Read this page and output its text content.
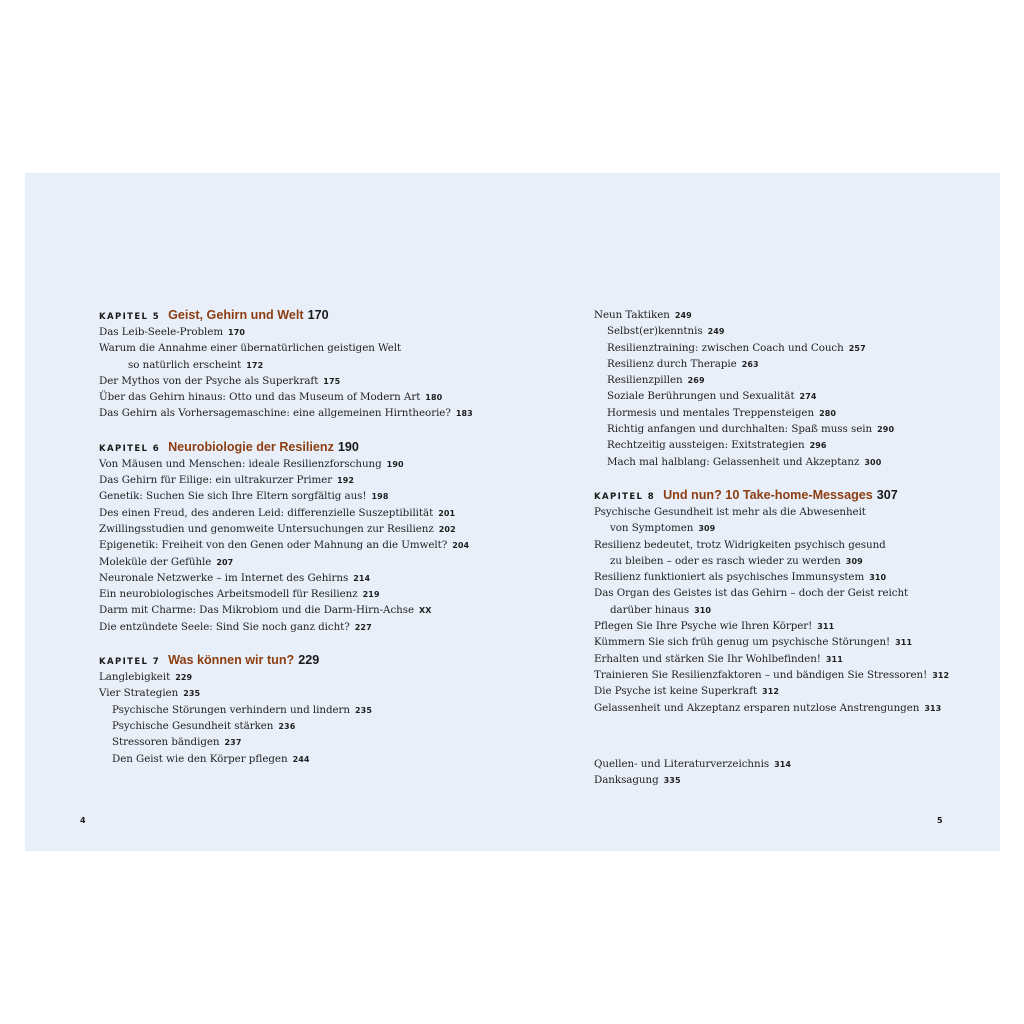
KAPITEL 5 Geist, Gehirn und Welt 170
Das Leib-Seele-Problem 170
Warum die Annahme einer übernatürlichen geistigen Welt
so natürlich erscheint 172
Der Mythos von der Psyche als Superkraft 175
Über das Gehirn hinaus: Otto und das Museum of Modern Art 180
Das Gehirn als Vorhersagemaschine: eine allgemeinen Hirntheorie? 183
KAPITEL 6 Neurobiologie der Resilienz 190
Von Mäusen und Menschen: ideale Resilienzforschung 190
Das Gehirn für Eilige: ein ultrakurzer Primer 192
Genetik: Suchen Sie sich Ihre Eltern sorgfältig aus! 198
Des einen Freud, des anderen Leid: differenzielle Suszeptibilität 201
Zwillingsstudien und genomweite Untersuchungen zur Resilienz 202
Epigenetik: Freiheit von den Genen oder Mahnung an die Umwelt? 204
Moleküle der Gefühle 207
Neuronale Netzwerke – im Internet des Gehirns 214
Ein neurobiologisches Arbeitsmodell für Resilienz 219
Darm mit Charme: Das Mikrobiom und die Darm-Hirn-Achse XX
Die entzündete Seele: Sind Sie noch ganz dicht? 227
KAPITEL 7 Was können wir tun? 229
Langlebigkeit 229
Vier Strategien 235
Psychische Störungen verhindern und lindern 235
Psychische Gesundheit stärken 236
Stressoren bändigen 237
Den Geist wie den Körper pflegen 244
Neun Taktiken 249
Selbst(er)kenntnis 249
Resilienztraining: zwischen Coach und Couch 257
Resilienz durch Therapie 263
Resilienzpillen 269
Soziale Berührungen und Sexualität 274
Hormesis und mentales Treppensteigen 280
Richtig anfangen und durchhalten: Spaß muss sein 290
Rechtzeitig aussteigen: Exitstrategien 296
Mach mal halblang: Gelassenheit und Akzeptanz 300
KAPITEL 8 Und nun? 10 Take-home-Messages 307
Psychische Gesundheit ist mehr als die Abwesenheit
von Symptomen 309
Resilienz bedeutet, trotz Widrigkeiten psychisch gesund
zu bleiben – oder es rasch wieder zu werden 309
Resilienz funktioniert als psychisches Immunsystem 310
Das Organ des Geistes ist das Gehirn – doch der Geist reicht
darüber hinaus 310
Pflegen Sie Ihre Psyche wie Ihren Körper! 311
Kümmern Sie sich früh genug um psychische Störungen! 311
Erhalten und stärken Sie Ihr Wohlbefinden! 311
Trainieren Sie Resilienzfaktoren – und bändigen Sie Stressoren! 312
Die Psyche ist keine Superkraft 312
Gelassenheit und Akzeptanz ersparen nutzlose Anstrengungen 313
Quellen- und Literaturverzeichnis 314
Danksagung 335
4	5
